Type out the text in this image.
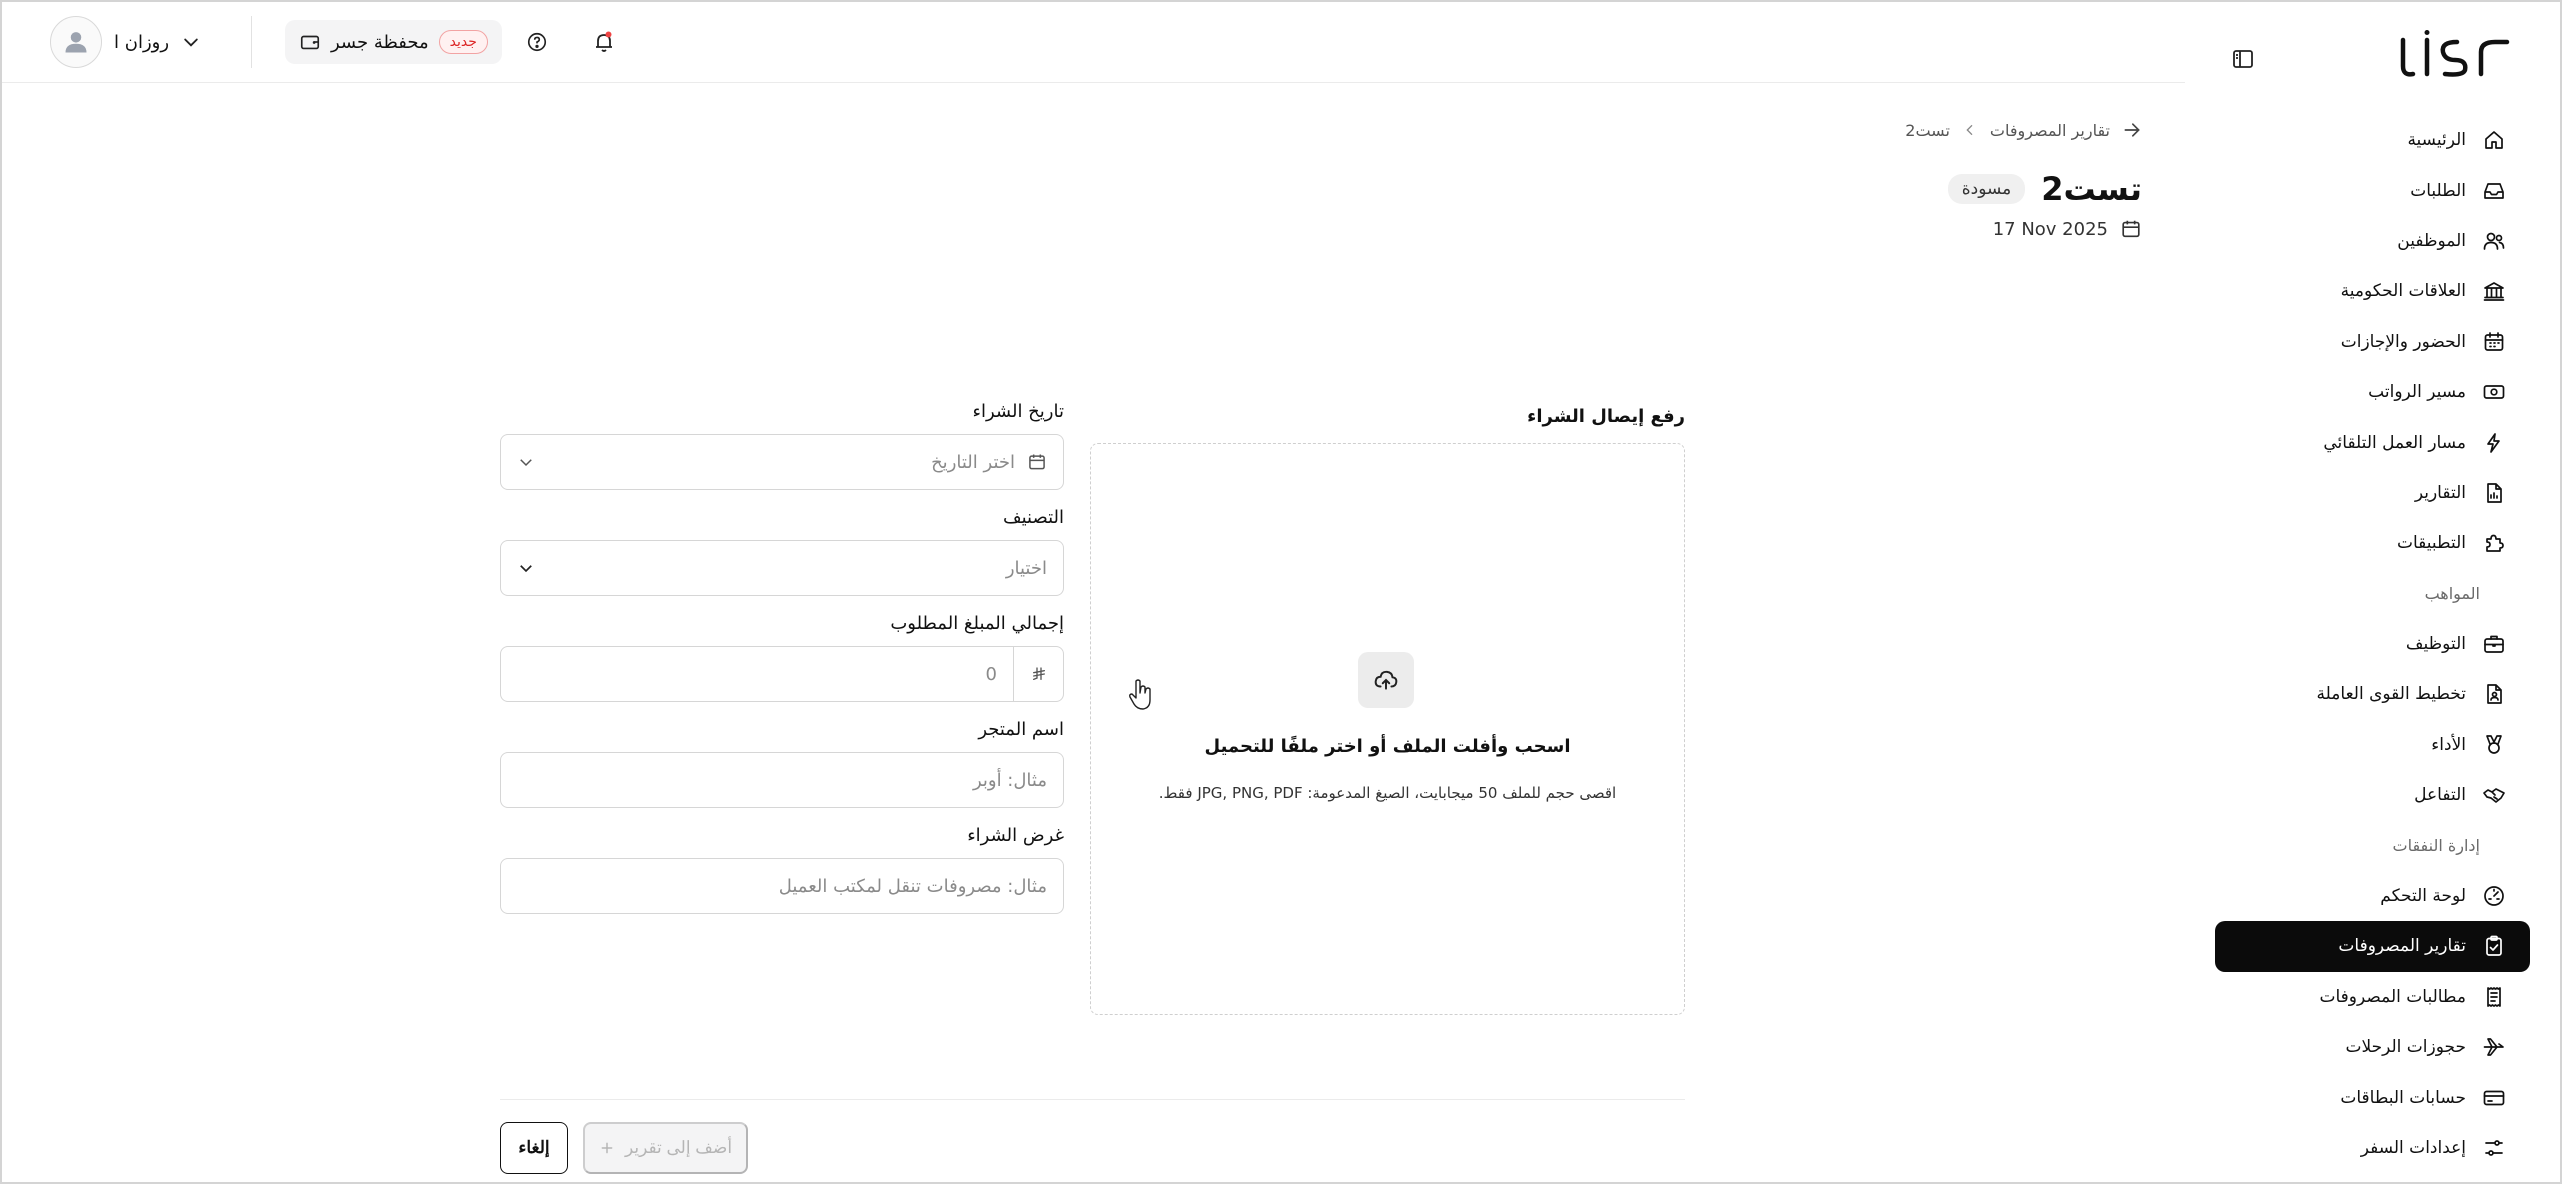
الرئيسية
الطلبات
الموظفين
العلاقات الحكومية
الحضور والإجازات
مسير الرواتب
مسار العمل التلقائي
التقارير
التطبيقات
المواهب
التوظيف
تخطيط القوى العاملة
الأداء
التفاعل
إدارة النفقات
لوحة التحكم
تقارير المصروفات
مطالبات المصروفات
حجوزات الرحلات
حسابات البطاقات
إعدادات السفر
روزان ا	جديد
محفظة جسر
تقارير المصروفات
تست2
تست2
مسودة
17 Nov 2025
رفع إيصال الشراء
اسحب وأفلت الملف أو اختر ملفًا للتحميل
اقصى حجم للملف 50 ميجابايت، الصيغ المدعومة: JPG, PNG, PDF فقط.
تاريخ الشراء
اختر التاريخ
التصنيف
اختيار
إجمالي المبلغ المطلوب
0
اسم المتجر
مثال: أوبر
غرض الشراء
مثال: مصروفات تنقل لمكتب العميل
أضف إلى تقرير
إلغاء
